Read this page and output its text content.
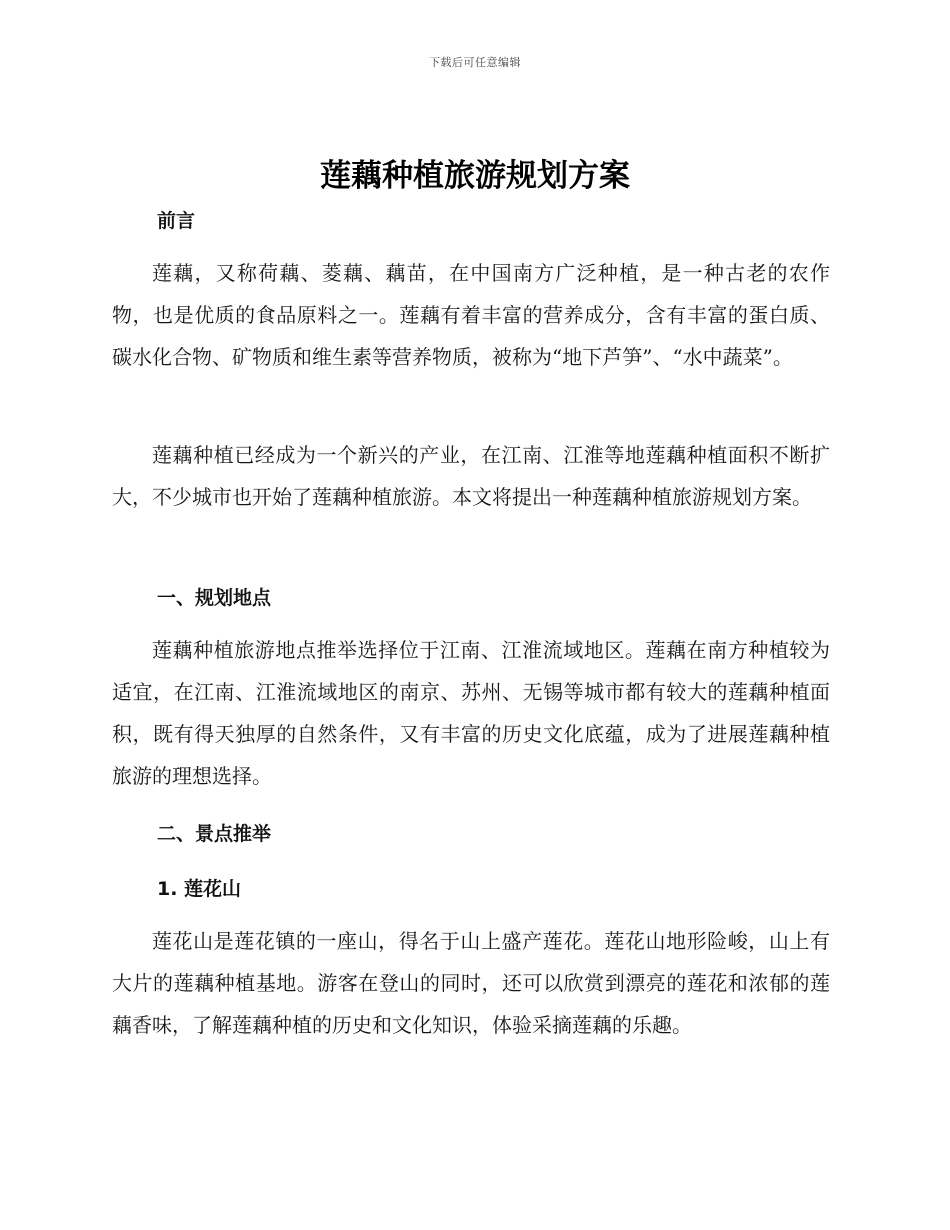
下载后可任意编辑
莲藕种植旅游规划方案
前言

莲藕，又称荷藕、菱藕、藕苗，在中国南方广泛种植，是一种古老的农作物，也是优质的食品原料之一。莲藕有着丰富的营养成分，含有丰富的蛋白质、碳水化合物、矿物质和维生素等营养物质，被称为“地下芦笋”、“水中蔬菜”。

莲藕种植已经成为一个新兴的产业，在江南、江淮等地莲藕种植面积不断扩大，不少城市也开始了莲藕种植旅游。本文将提出一种莲藕种植旅游规划方案。

一、规划地点

莲藕种植旅游地点推举选择位于江南、江淮流域地区。莲藕在南方种植较为适宜，在江南、江淮流域地区的南京、苏州、无锡等城市都有较大的莲藕种植面积，既有得天独厚的自然条件，又有丰富的历史文化底蕴，成为了进展莲藕种植旅游的理想选择。

二、景点推举
1. 莲花山

莲花山是莲花镇的一座山，得名于山上盛产莲花。莲花山地形险峻，山上有大片的莲藕种植基地。游客在登山的同时，还可以欣赏到漂亮的莲花和浓郁的莲藕香味，了解莲藕种植的历史和文化知识，体验采摘莲藕的乐趣。
